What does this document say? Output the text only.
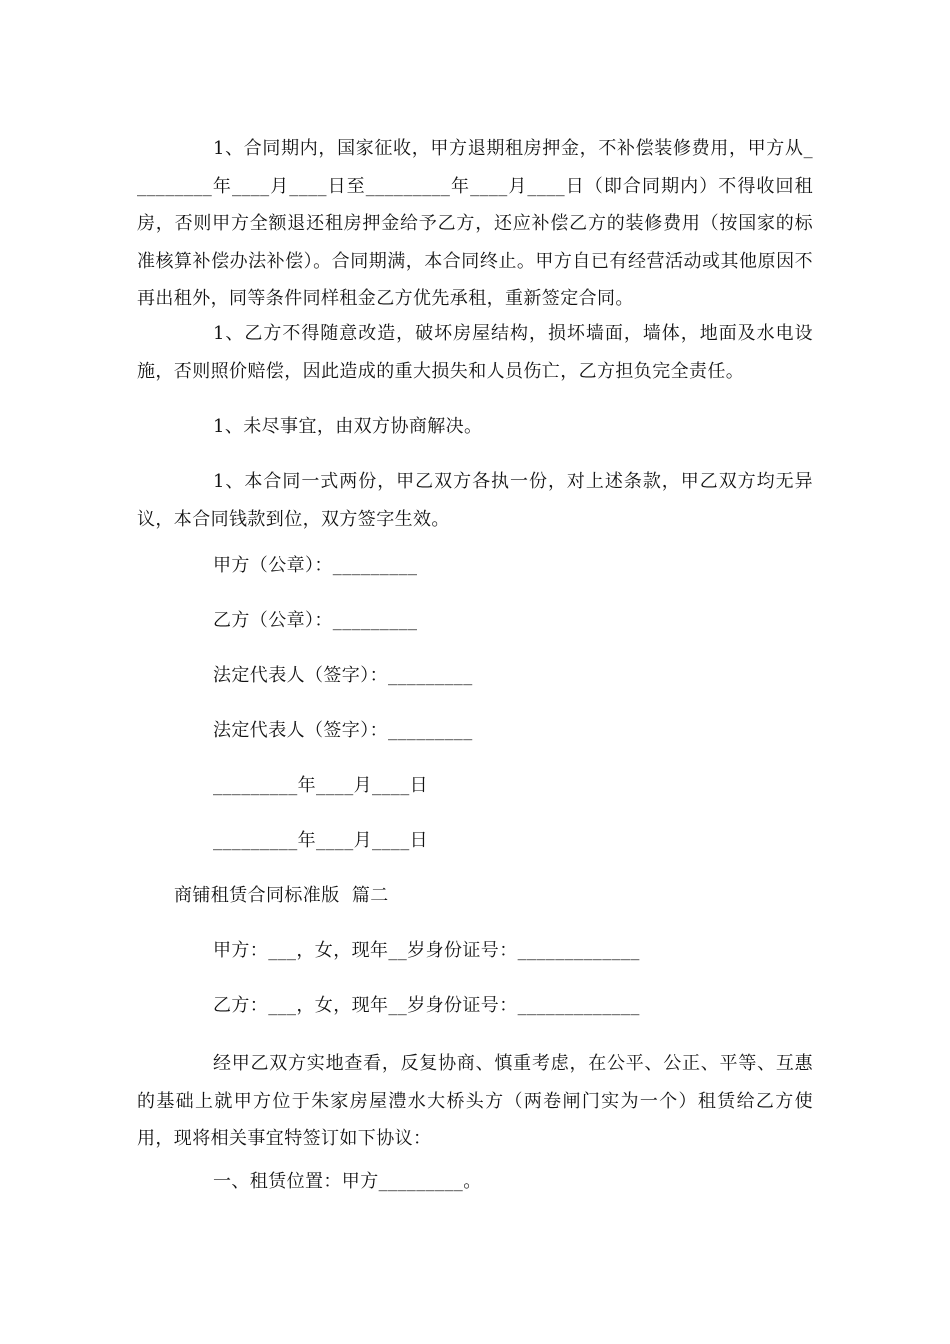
1、合同期内，国家征收，甲方退期租房押金，不补偿装修费用，甲方从_________年____月____日至_________年____月____日（即合同期内）不得收回租房，否则甲方全额退还租房押金给予乙方，还应补偿乙方的装修费用（按国家的标准核算补偿办法补偿）。合同期满，本合同终止。甲方自已有经营活动或其他原因不再出租外，同等条件同样租金乙方优先承租，重新签定合同。

1、乙方不得随意改造，破坏房屋结构，损坏墙面，墙体，地面及水电设施，否则照价赔偿，因此造成的重大损失和人员伤亡，乙方担负完全责任。

1、未尽事宜，由双方协商解决。

1、本合同一式两份，甲乙双方各执一份，对上述条款，甲乙双方均无异议，本合同钱款到位，双方签字生效。

甲方（公章）：_________

乙方（公章）：_________

法定代表人（签字）：_________

法定代表人（签字）：_________

_________年____月____日

_________年____月____日

商铺租赁合同标准版  篇二

甲方：___，女，现年__岁身份证号：_____________

乙方：___，女，现年__岁身份证号：_____________

经甲乙双方实地查看，反复协商、慎重考虑，在公平、公正、平等、互惠的基础上就甲方位于朱家房屋澧水大桥头方（两卷闸门实为一个）租赁给乙方使用，现将相关事宜特签订如下协议：

一、租赁位置：甲方_________。
